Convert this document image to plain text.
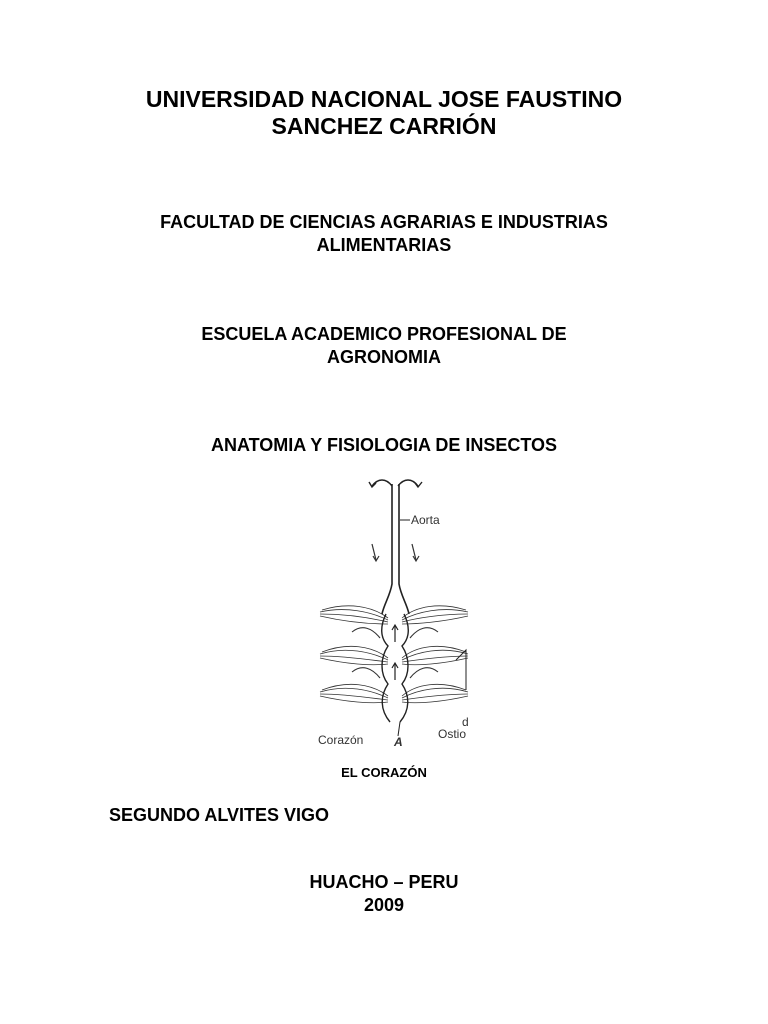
UNIVERSIDAD NACIONAL JOSE FAUSTINO
SANCHEZ CARRIÓN
FACULTAD DE CIENCIAS AGRARIAS E INDUSTRIAS
ALIMENTARIAS
ESCUELA ACADEMICO PROFESIONAL DE
AGRONOMIA
ANATOMIA Y FISIOLOGIA DE INSECTOS
Aorta
d
Corazón	A
Ostio
EL CORAZÓN
SEGUNDO ALVITES VIGO
HUACHO – PERU
2009
